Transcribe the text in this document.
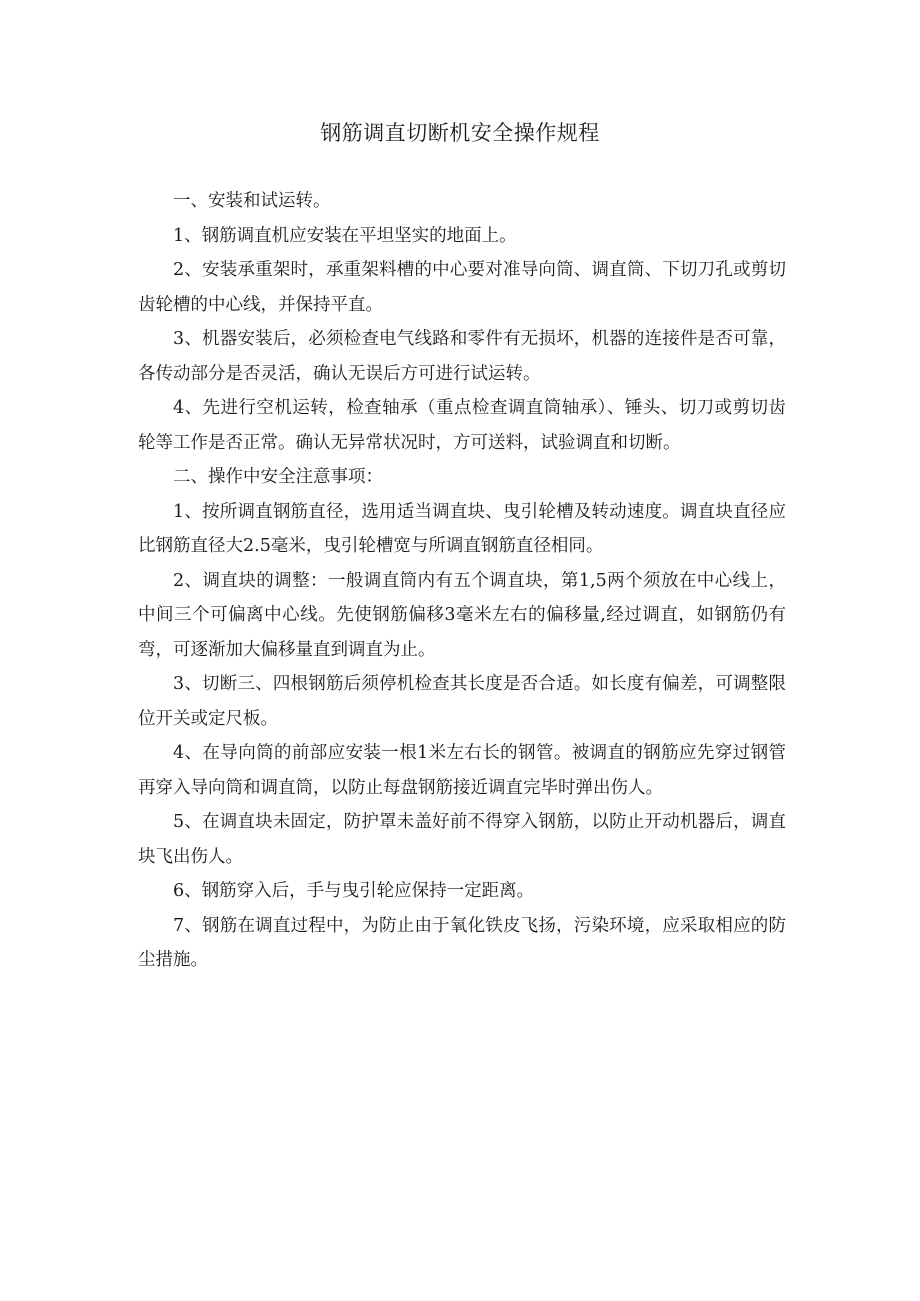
钢筋调直切断机安全操作规程

一、安装和试运转。

1、钢筋调直机应安装在平坦坚实的地面上。

2、安装承重架时，承重架料槽的中心要对准导向筒、调直筒、下切刀孔或剪切齿轮槽的中心线，并保持平直。

3、机器安装后，必须检查电气线路和零件有无损坏，机器的连接件是否可靠，各传动部分是否灵活，确认无误后方可进行试运转。

4、先进行空机运转，检查轴承（重点检查调直筒轴承）、锤头、切刀或剪切齿轮等工作是否正常。确认无异常状况时，方可送料，试验调直和切断。

二、操作中安全注意事项：

1、按所调直钢筋直径，选用适当调直块、曳引轮槽及转动速度。调直块直径应比钢筋直径大2.5毫米，曳引轮槽宽与所调直钢筋直径相同。

2、调直块的调整：一般调直筒内有五个调直块，第1,5两个须放在中心线上，中间三个可偏离中心线。先使钢筋偏移3毫米左右的偏移量,经过调直，如钢筋仍有弯，可逐渐加大偏移量直到调直为止。

3、切断三、四根钢筋后须停机检查其长度是否合适。如长度有偏差，可调整限位开关或定尺板。

4、在导向筒的前部应安装一根1米左右长的钢管。被调直的钢筋应先穿过钢管再穿入导向筒和调直筒，以防止每盘钢筋接近调直完毕时弹出伤人。

5、在调直块未固定，防护罩未盖好前不得穿入钢筋，以防止开动机器后，调直块飞出伤人。

6、钢筋穿入后，手与曳引轮应保持一定距离。

7、钢筋在调直过程中，为防止由于氧化铁皮飞扬，污染环境，应采取相应的防尘措施。
